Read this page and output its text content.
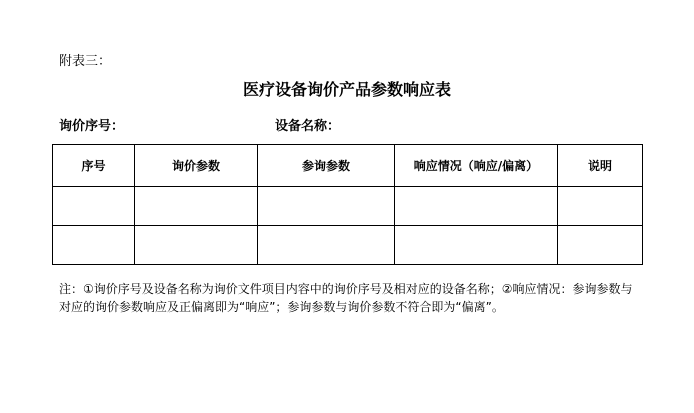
附表三：
医疗设备询价产品参数响应表
询价序号：	设备名称：
序号	询价参数	参询参数	响应情况（响应/偏离）	说明

注：①询价序号及设备名称为询价文件项目内容中的询价序号及相对应的设备名称；②响应情况：参询参数与对应的询价参数响应及正偏离即为“响应”；参询参数与询价参数不符合即为“偏离”。
